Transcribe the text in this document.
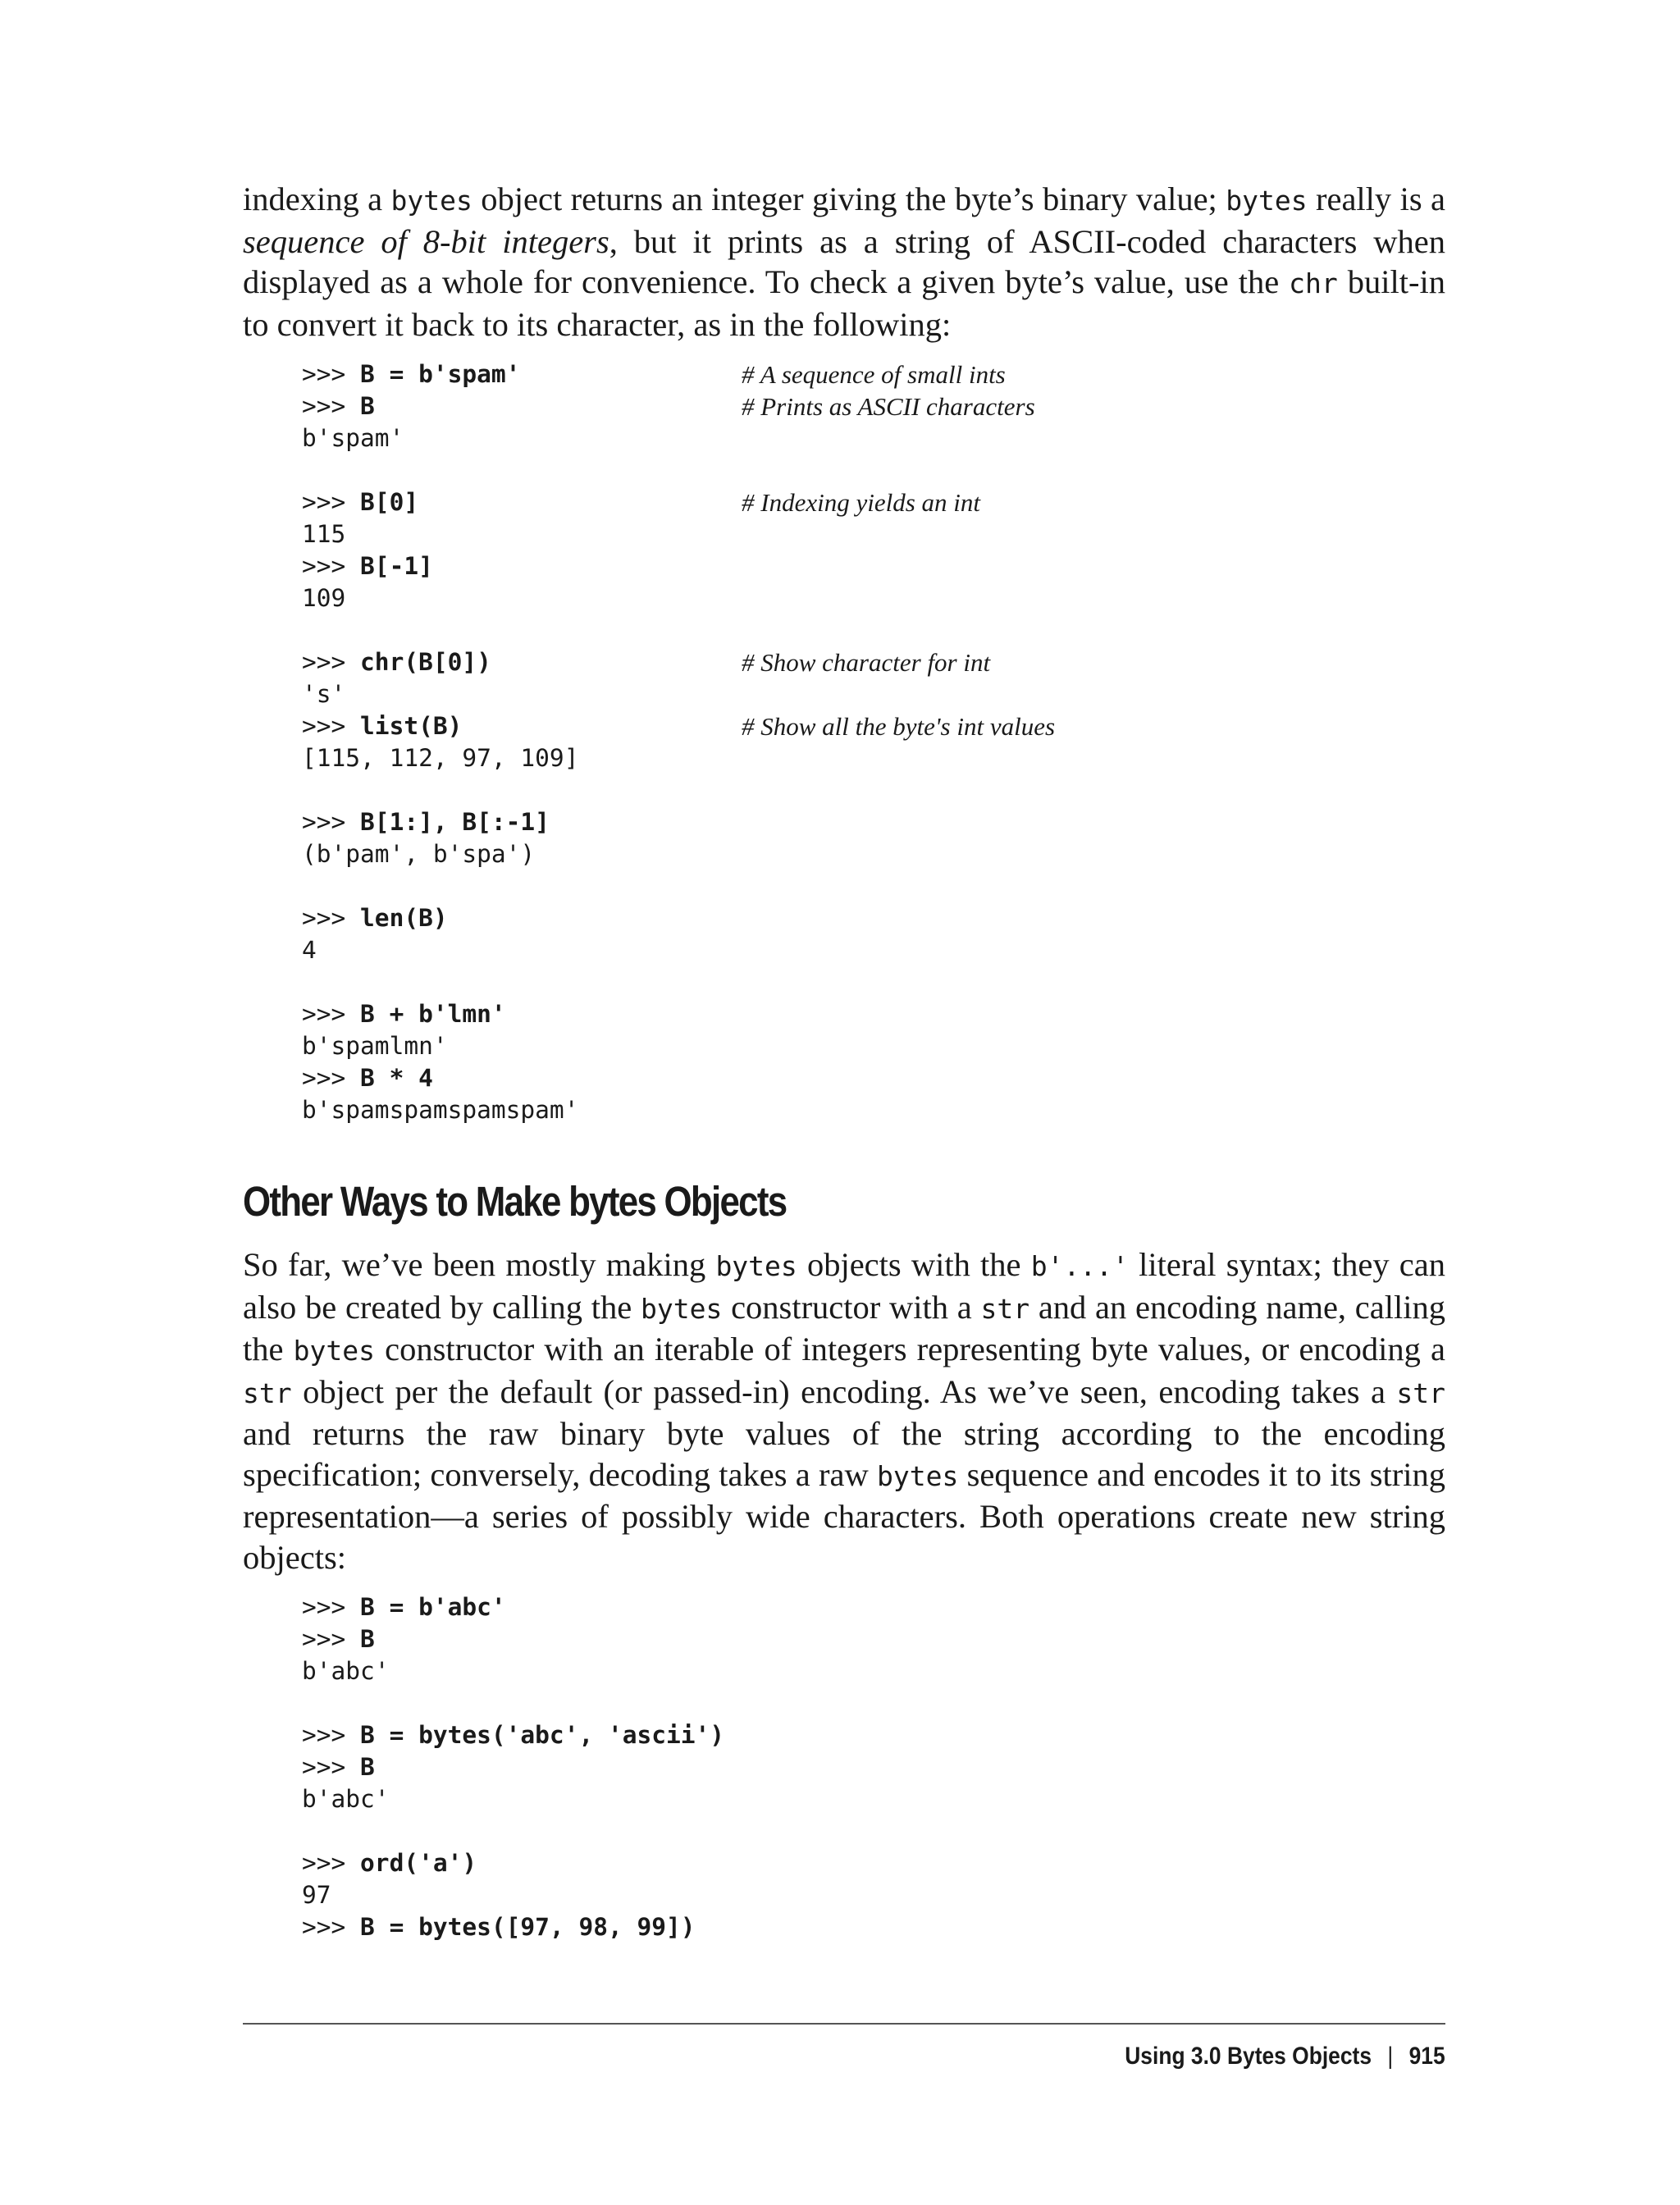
indexing a bytes object returns an integer giving the byte’s binary value; bytes really is a sequence of 8-bit integers, but it prints as a string of ASCII-coded characters when displayed as a whole for convenience. To check a given byte’s value, use the chr built-in to convert it back to its character, as in the following:

>>> B = b'spam'	# A sequence of small ints
>>> B	# Prints as ASCII characters
b'spam'
>>> B[0]	# Indexing yields an int
115
>>> B[-1]
109
>>> chr(B[0])	# Show character for int
's'
>>> list(B)	# Show all the byte's int values
[115, 112, 97, 109]
>>> B[1:], B[:-1]
(b'pam', b'spa')
>>> len(B)
4
>>> B + b'lmn'
b'spamlmn'
>>> B * 4
b'spamspamspamspam'
Other Ways to Make bytes Objects

So far, we’ve been mostly making bytes objects with the b'...' literal syntax; they can also be created by calling the bytes constructor with a str and an encoding name, calling the bytes constructor with an iterable of integers representing byte values, or encoding a str object per the default (or passed-in) encoding. As we’ve seen, encoding takes a str and returns the raw binary byte values of the string according to the encoding specification; conversely, decoding takes a raw bytes sequence and encodes it to its string representation—a series of possibly wide characters. Both operations create new string objects:

>>> B = b'abc'
>>> B
b'abc'
>>> B = bytes('abc', 'ascii')
>>> B
b'abc'
>>> ord('a')
97
>>> B = bytes([97, 98, 99])
Using 3.0 Bytes Objects | 915
